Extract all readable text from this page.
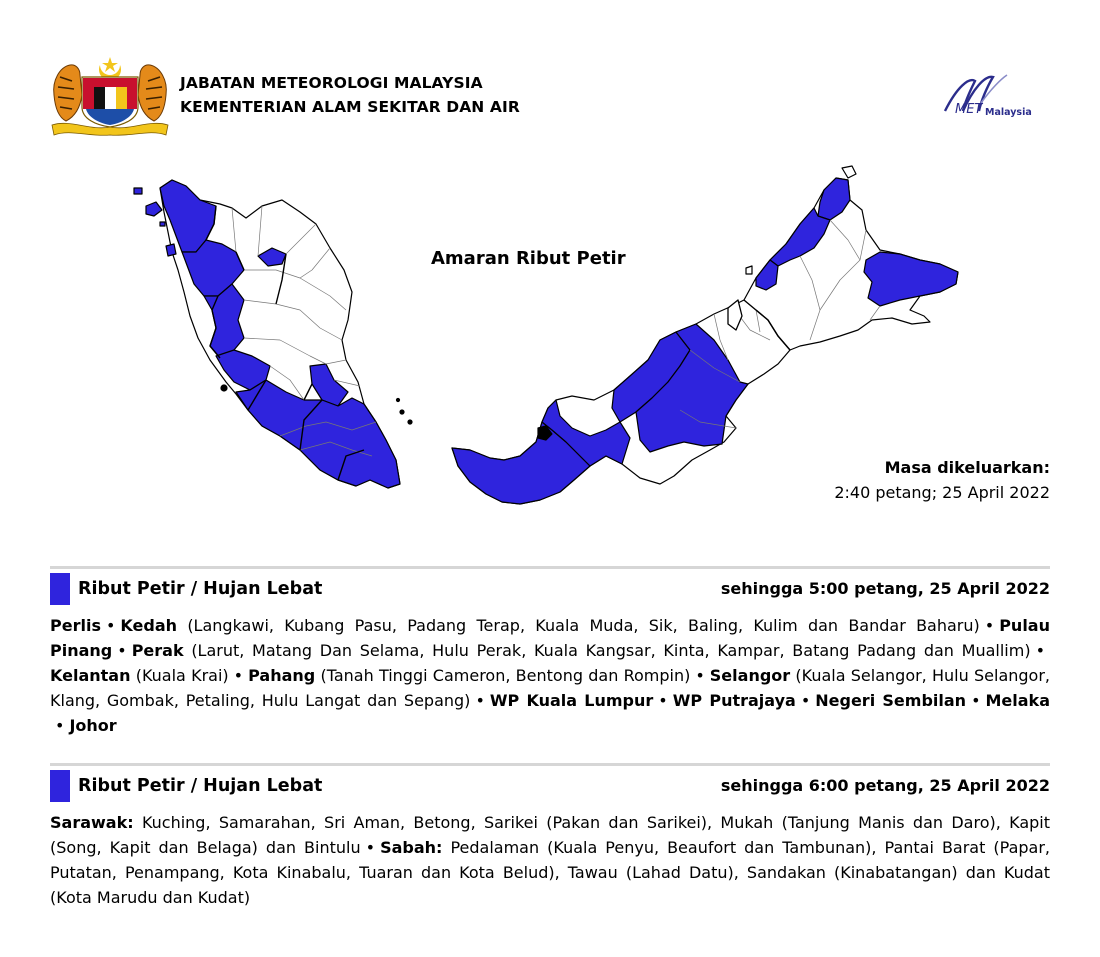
JABATAN METEOROLOGI MALAYSIA
KEMENTERIAN ALAM SEKITAR DAN AIR	MET Malaysia
Amaran Ribut Petir
Masa dikeluarkan:
2:40 petang; 25 April 2022
Ribut Petir / Hujan Lebat	sehingga 5:00 petang, 25 April 2022
Perlis • Kedah (Langkawi, Kubang Pasu, Padang Terap, Kuala Muda, Sik, Baling, Kulim dan Bandar Baharu) • Pulau Pinang • Perak (Larut, Matang Dan Selama, Hulu Perak, Kuala Kangsar, Kinta, Kampar, Batang Padang dan Muallim) •Kelantan (Kuala Krai) • Pahang (Tanah Tinggi Cameron, Bentong dan Rompin) • Selangor (Kuala Selangor, Hulu Selangor, Klang, Gombak, Petaling, Hulu Langat dan Sepang) • WP Kuala Lumpur • WP Putrajaya • Negeri Sembilan • Melaka• Johor
Ribut Petir / Hujan Lebat	sehingga 6:00 petang, 25 April 2022
Sarawak: Kuching, Samarahan, Sri Aman, Betong, Sarikei (Pakan dan Sarikei), Mukah (Tanjung Manis dan Daro), Kapit (Song, Kapit dan Belaga) dan Bintulu • Sabah: Pedalaman (Kuala Penyu, Beaufort dan Tambunan), Pantai Barat (Papar, Putatan, Penampang, Kota Kinabalu, Tuaran dan Kota Belud), Tawau (Lahad Datu), Sandakan (Kinabatangan) dan Kudat (Kota Marudu dan Kudat)
